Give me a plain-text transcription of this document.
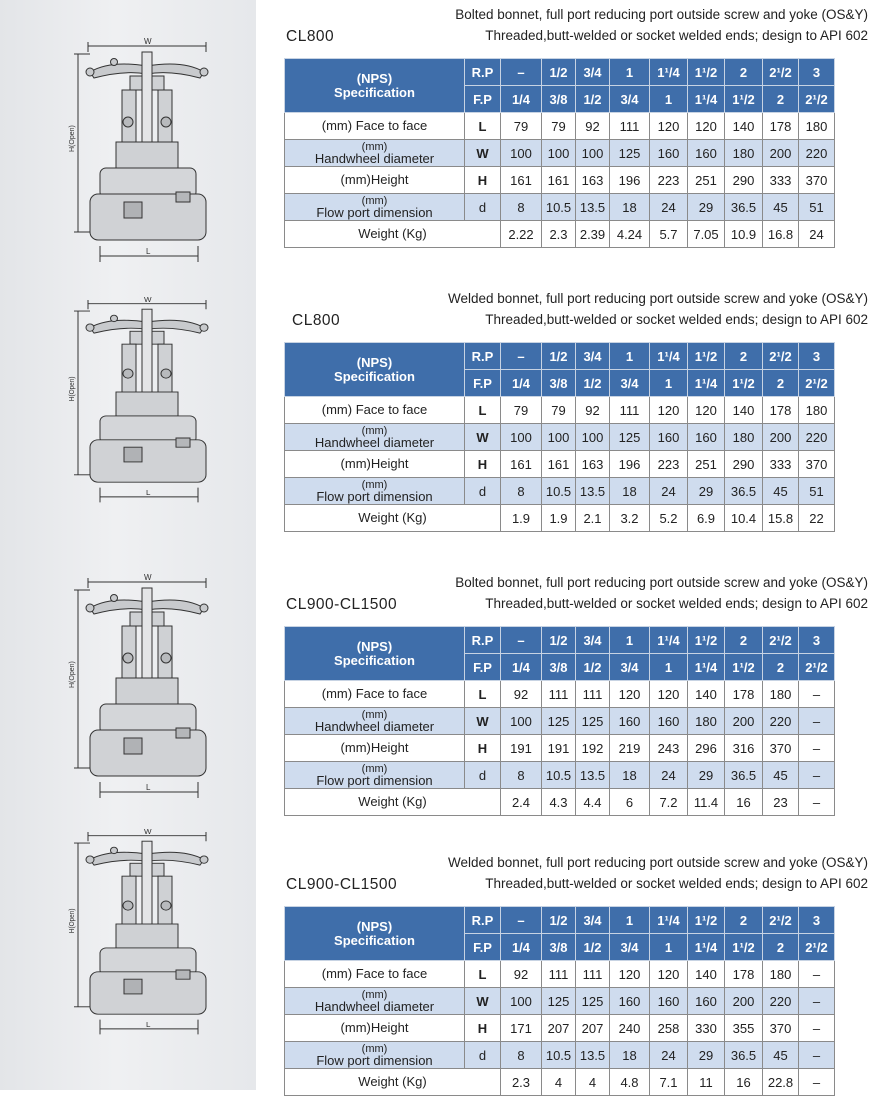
W
H(Open)
L
W
H(Open)
L
W
H(Open)
L
W
H(Open)
L
Bolted bonnet, full port reducing port outside screw and yoke (OS&Y)
Threaded,butt-welded or socket welded ends; design to API 602
CL800
(NPS) Specification	R.P	–	1/2	3/4	1	1¹/4	1¹/2	2	2¹/2	3
	F.P	1/4	3/8	1/2	3/4	1	1¹/4	1¹/2	2	2¹/2
(mm) Face to face	L	79	79	92	111	120	120	140	178	180

(mm)
Handwheel diameter	W	100	100	100	125	160	160	180	200	220
(mm)Height	H	161	161	163	196	223	251	290	333	370

(mm)
Flow port dimension	d	8	10.5	13.5	18	24	29	36.5	45	51
Weight (Kg)		2.22	2.3	2.39	4.24	5.7	7.05	10.9	16.8	24
Welded bonnet, full port reducing port outside screw and yoke (OS&Y)
Threaded,butt-welded or socket welded ends; design to API 602
CL800
(NPS) Specification	R.P	–	1/2	3/4	1	1¹/4	1¹/2	2	2¹/2	3
	F.P	1/4	3/8	1/2	3/4	1	1¹/4	1¹/2	2	2¹/2
(mm) Face to face	L	79	79	92	111	120	120	140	178	180

(mm)
Handwheel diameter	W	100	100	100	125	160	160	180	200	220
(mm)Height	H	161	161	163	196	223	251	290	333	370

(mm)
Flow port dimension	d	8	10.5	13.5	18	24	29	36.5	45	51
Weight (Kg)		1.9	1.9	2.1	3.2	5.2	6.9	10.4	15.8	22
Bolted bonnet, full port reducing port outside screw and yoke (OS&Y)
Threaded,butt-welded or socket welded ends; design to API 602
CL900-CL1500
(NPS) Specification	R.P	–	1/2	3/4	1	1¹/4	1¹/2	2	2¹/2	3
	F.P	1/4	3/8	1/2	3/4	1	1¹/4	1¹/2	2	2¹/2
(mm) Face to face	L	92	111	111	120	120	140	178	180	–

(mm)
Handwheel diameter	W	100	125	125	160	160	180	200	220	–
(mm)Height	H	191	191	192	219	243	296	316	370	–

(mm)
Flow port dimension	d	8	10.5	13.5	18	24	29	36.5	45	–
Weight (Kg)		2.4	4.3	4.4	6	7.2	11.4	16	23	–
Welded bonnet, full port reducing port outside screw and yoke (OS&Y)
Threaded,butt-welded or socket welded ends; design to API 602
CL900-CL1500
(NPS) Specification	R.P	–	1/2	3/4	1	1¹/4	1¹/2	2	2¹/2	3
	F.P	1/4	3/8	1/2	3/4	1	1¹/4	1¹/2	2	2¹/2
(mm) Face to face	L	92	111	111	120	120	140	178	180	–

(mm)
Handwheel diameter	W	100	125	125	160	160	160	200	220	–
(mm)Height	H	171	207	207	240	258	330	355	370	–

(mm)
Flow port dimension	d	8	10.5	13.5	18	24	29	36.5	45	–
Weight (Kg)		2.3	4	4	4.8	7.1	11	16	22.8	–
